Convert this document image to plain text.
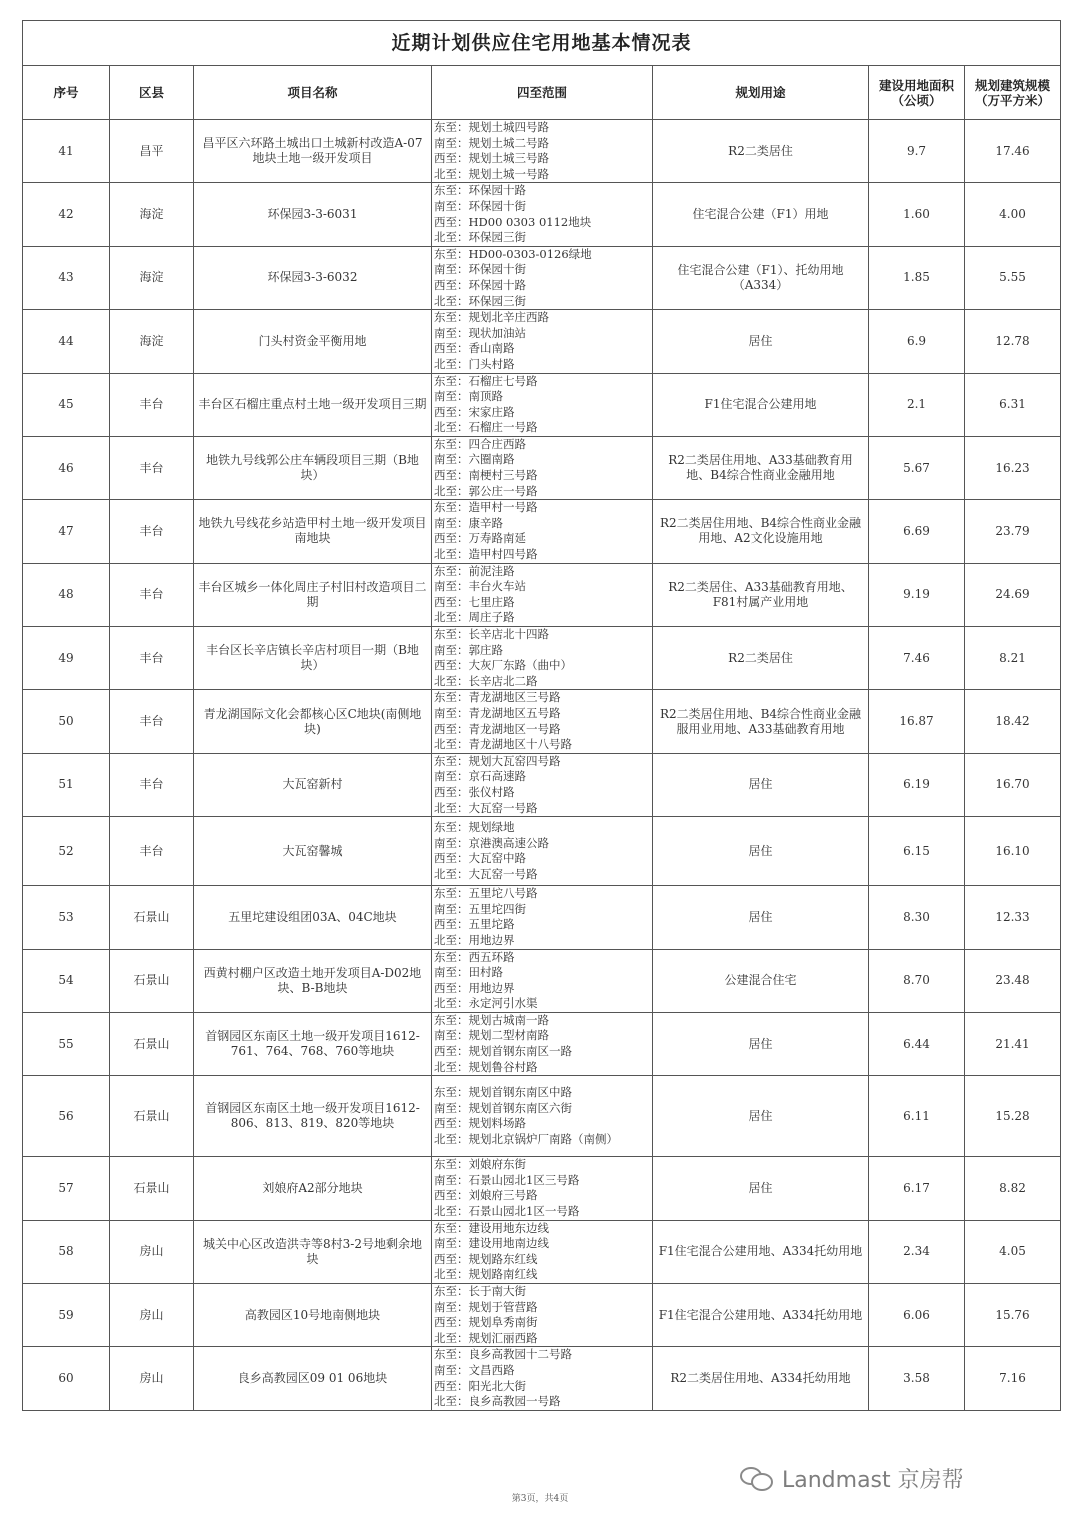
近期计划供应住宅用地基本情况表						
序号	区县	项目名称	四至范围	规划用途	建设用地面积（公顷）	规划建筑规模（万平方米）
41	昌平	昌平区六环路土城出口土城新村改造A-07地块土地一级开发项目	东至：规划土城四号路
南至：规划土城二号路
西至：规划土城三号路
北至：规划土城一号路	R2二类居住	9.7	17.46
42	海淀	环保园3-3-6031	东至：环保园十路
南至：环保园十街
西至：HD00 0303 0112地块
北至：环保园三街	住宅混合公建（F1）用地	1.60	4.00
43	海淀	环保园3-3-6032	东至：HD00-0303-0126绿地
南至：环保园十街
西至：环保园十路
北至：环保园三街	住宅混合公建（F1）、托幼用地（A334）	1.85	5.55
44	海淀	门头村资金平衡用地	东至：规划北辛庄西路
南至：现状加油站
西至：香山南路
北至：门头村路	居住	6.9	12.78
45	丰台	丰台区石榴庄重点村土地一级开发项目三期	东至：石榴庄七号路
南至：南顶路
西至：宋家庄路
北至：石榴庄一号路	F1住宅混合公建用地	2.1	6.31
46	丰台	地铁九号线郭公庄车辆段项目三期（B地块）	东至：四合庄西路
南至：六圈南路
西至：南梗村三号路
北至：郭公庄一号路	R2二类居住用地、A33基础教育用地、B4综合性商业金融用地	5.67	16.23
47	丰台	地铁九号线花乡站造甲村土地一级开发项目南地块	东至：造甲村一号路
南至：康辛路
西至：万寿路南延
北至：造甲村四号路	R2二类居住用地、B4综合性商业金融用地、A2文化设施用地	6.69	23.79
48	丰台	丰台区城乡一体化周庄子村旧村改造项目二期	东至：前泥洼路
南至：丰台火车站
西至：七里庄路
北至：周庄子路	R2二类居住、A33基础教育用地、F81村属产业用地	9.19	24.69
49	丰台	丰台区长辛店镇长辛店村项目一期（B地块）	东至：长辛店北十四路
南至：郭庄路
西至：大灰厂东路（曲中）
北至：长辛店北二路	R2二类居住	7.46	8.21
50	丰台	青龙湖国际文化会都核心区C地块(南侧地块)	东至：青龙湖地区三号路
南至：青龙湖地区五号路
西至：青龙湖地区一号路
北至：青龙湖地区十八号路	R2二类居住用地、B4综合性商业金融服用业用地、A33基础教育用地	16.87	18.42
51	丰台	大瓦窑新村	东至：规划大瓦窑四号路
南至：京石高速路
西至：张仪村路
北至：大瓦窑一号路	居住	6.19	16.70
52	丰台	大瓦窑馨城	东至：规划绿地
南至：京港澳高速公路
西至：大瓦窑中路
北至：大瓦窑一号路	居住	6.15	16.10
53	石景山	五里坨建设组团03A、04C地块	东至：五里坨八号路
南至：五里坨四街
西至：五里坨路
北至：用地边界	居住	8.30	12.33
54	石景山	西黄村棚户区改造土地开发项目A-D02地块、B-B地块	东至：西五环路
南至：田村路
西至：用地边界
北至：永定河引水渠	公建混合住宅	8.70	23.48
55	石景山	首钢园区东南区土地一级开发项目1612-761、764、768、760等地块	东至：规划古城南一路
南至：规划二型材南路
西至：规划首钢东南区一路
北至：规划鲁谷村路	居住	6.44	21.41
56	石景山	首钢园区东南区土地一级开发项目1612-806、813、819、820等地块	东至：规划首钢东南区中路
南至：规划首钢东南区六街
西至：规划料场路
北至：规划北京锅炉厂南路（南侧）	居住	6.11	15.28
57	石景山	刘娘府A2部分地块	东至：刘娘府东街
南至：石景山园北1区三号路
西至：刘娘府三号路
北至：石景山园北1区一号路	居住	6.17	8.82
58	房山	城关中心区改造洪寺等8村3-2号地剩余地块	东至：建设用地东边线
南至：建设用地南边线
西至：规划路东红线
北至：规划路南红线	F1住宅混合公建用地、A334托幼用地	2.34	4.05
59	房山	高教园区10号地南侧地块	东至：长于南大街
南至：规划于管营路
西至：规划阜秀南街
北至：规划汇丽西路	F1住宅混合公建用地、A334托幼用地	6.06	15.76
60	房山	良乡高教园区09 01 06地块	东至：良乡高教园十二号路
南至：文昌西路
西至：阳光北大街
北至：良乡高教园一号路	R2二类居住用地、A334托幼用地	3.58	7.16
Landmast 京房帮
第3页，共4页
